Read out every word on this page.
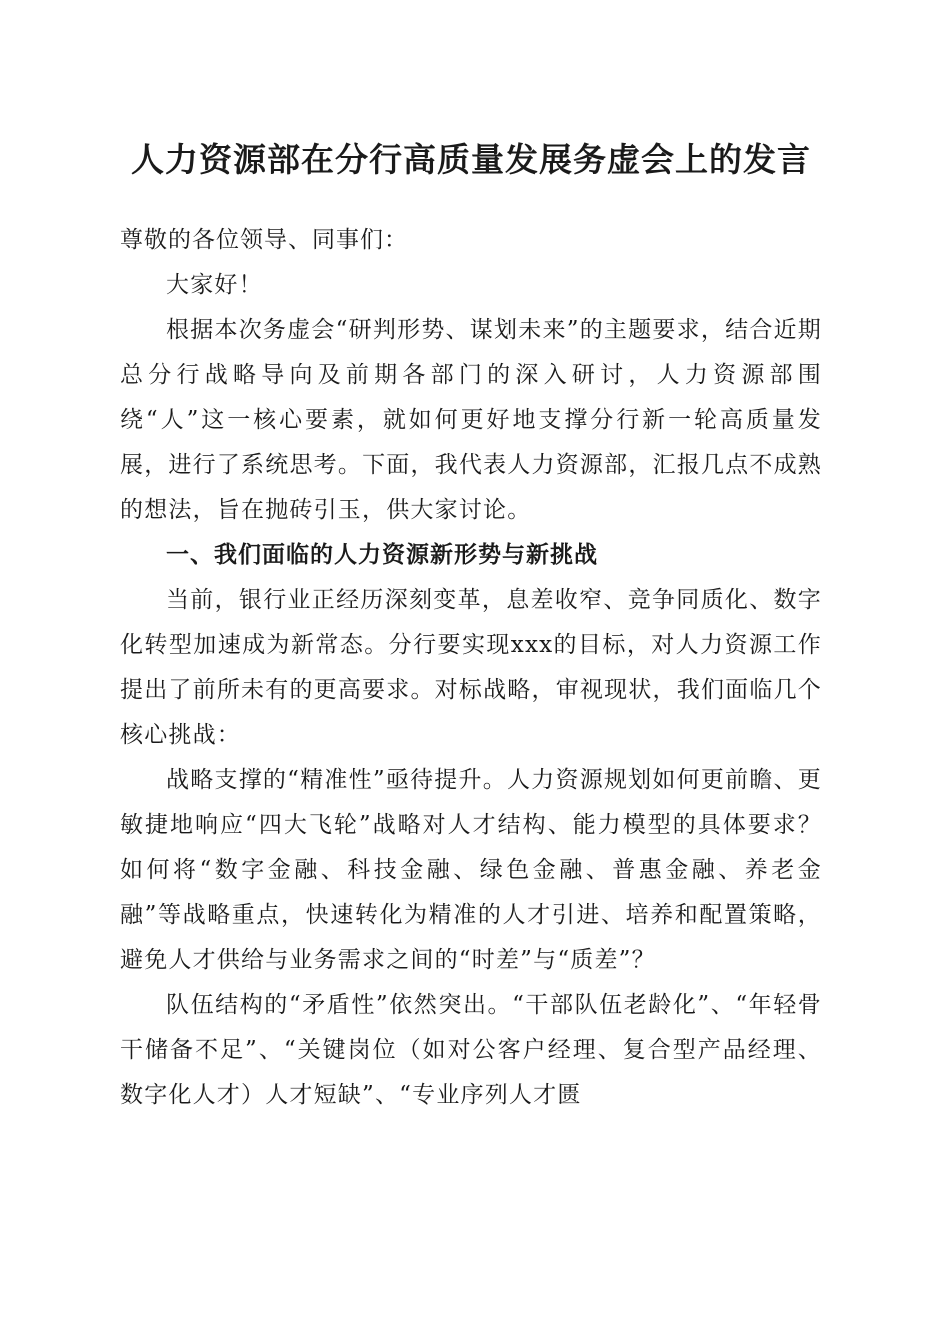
人力资源部在分行高质量发展务虚会上的发言

尊敬的各位领导、同事们：

大家好！

根据本次务虚会“研判形势、谋划未来”的主题要求，结合近期总分行战略导向及前期各部门的深入研讨，人力资源部围绕“人”这一核心要素，就如何更好地支撑分行新一轮高质量发展，进行了系统思考。下面，我代表人力资源部，汇报几点不成熟的想法，旨在抛砖引玉，供大家讨论。

一、我们面临的人力资源新形势与新挑战

当前，银行业正经历深刻变革，息差收窄、竞争同质化、数字化转型加速成为新常态。分行要实现xxx的目标，对人力资源工作提出了前所未有的更高要求。对标战略，审视现状，我们面临几个核心挑战：

战略支撑的“精准性”亟待提升。人力资源规划如何更前瞻、更敏捷地响应“四大飞轮”战略对人才结构、能力模型的具体要求？如何将“数字金融、科技金融、绿色金融、普惠金融、养老金融”等战略重点，快速转化为精准的人才引进、培养和配置策略，避免人才供给与业务需求之间的“时差”与“质差”？

队伍结构的“矛盾性”依然突出。“干部队伍老龄化”、“年轻骨干储备不足”、“关键岗位（如对公客户经理、复合型产品经理、数字化人才）人才短缺”、“专业序列人才匮
